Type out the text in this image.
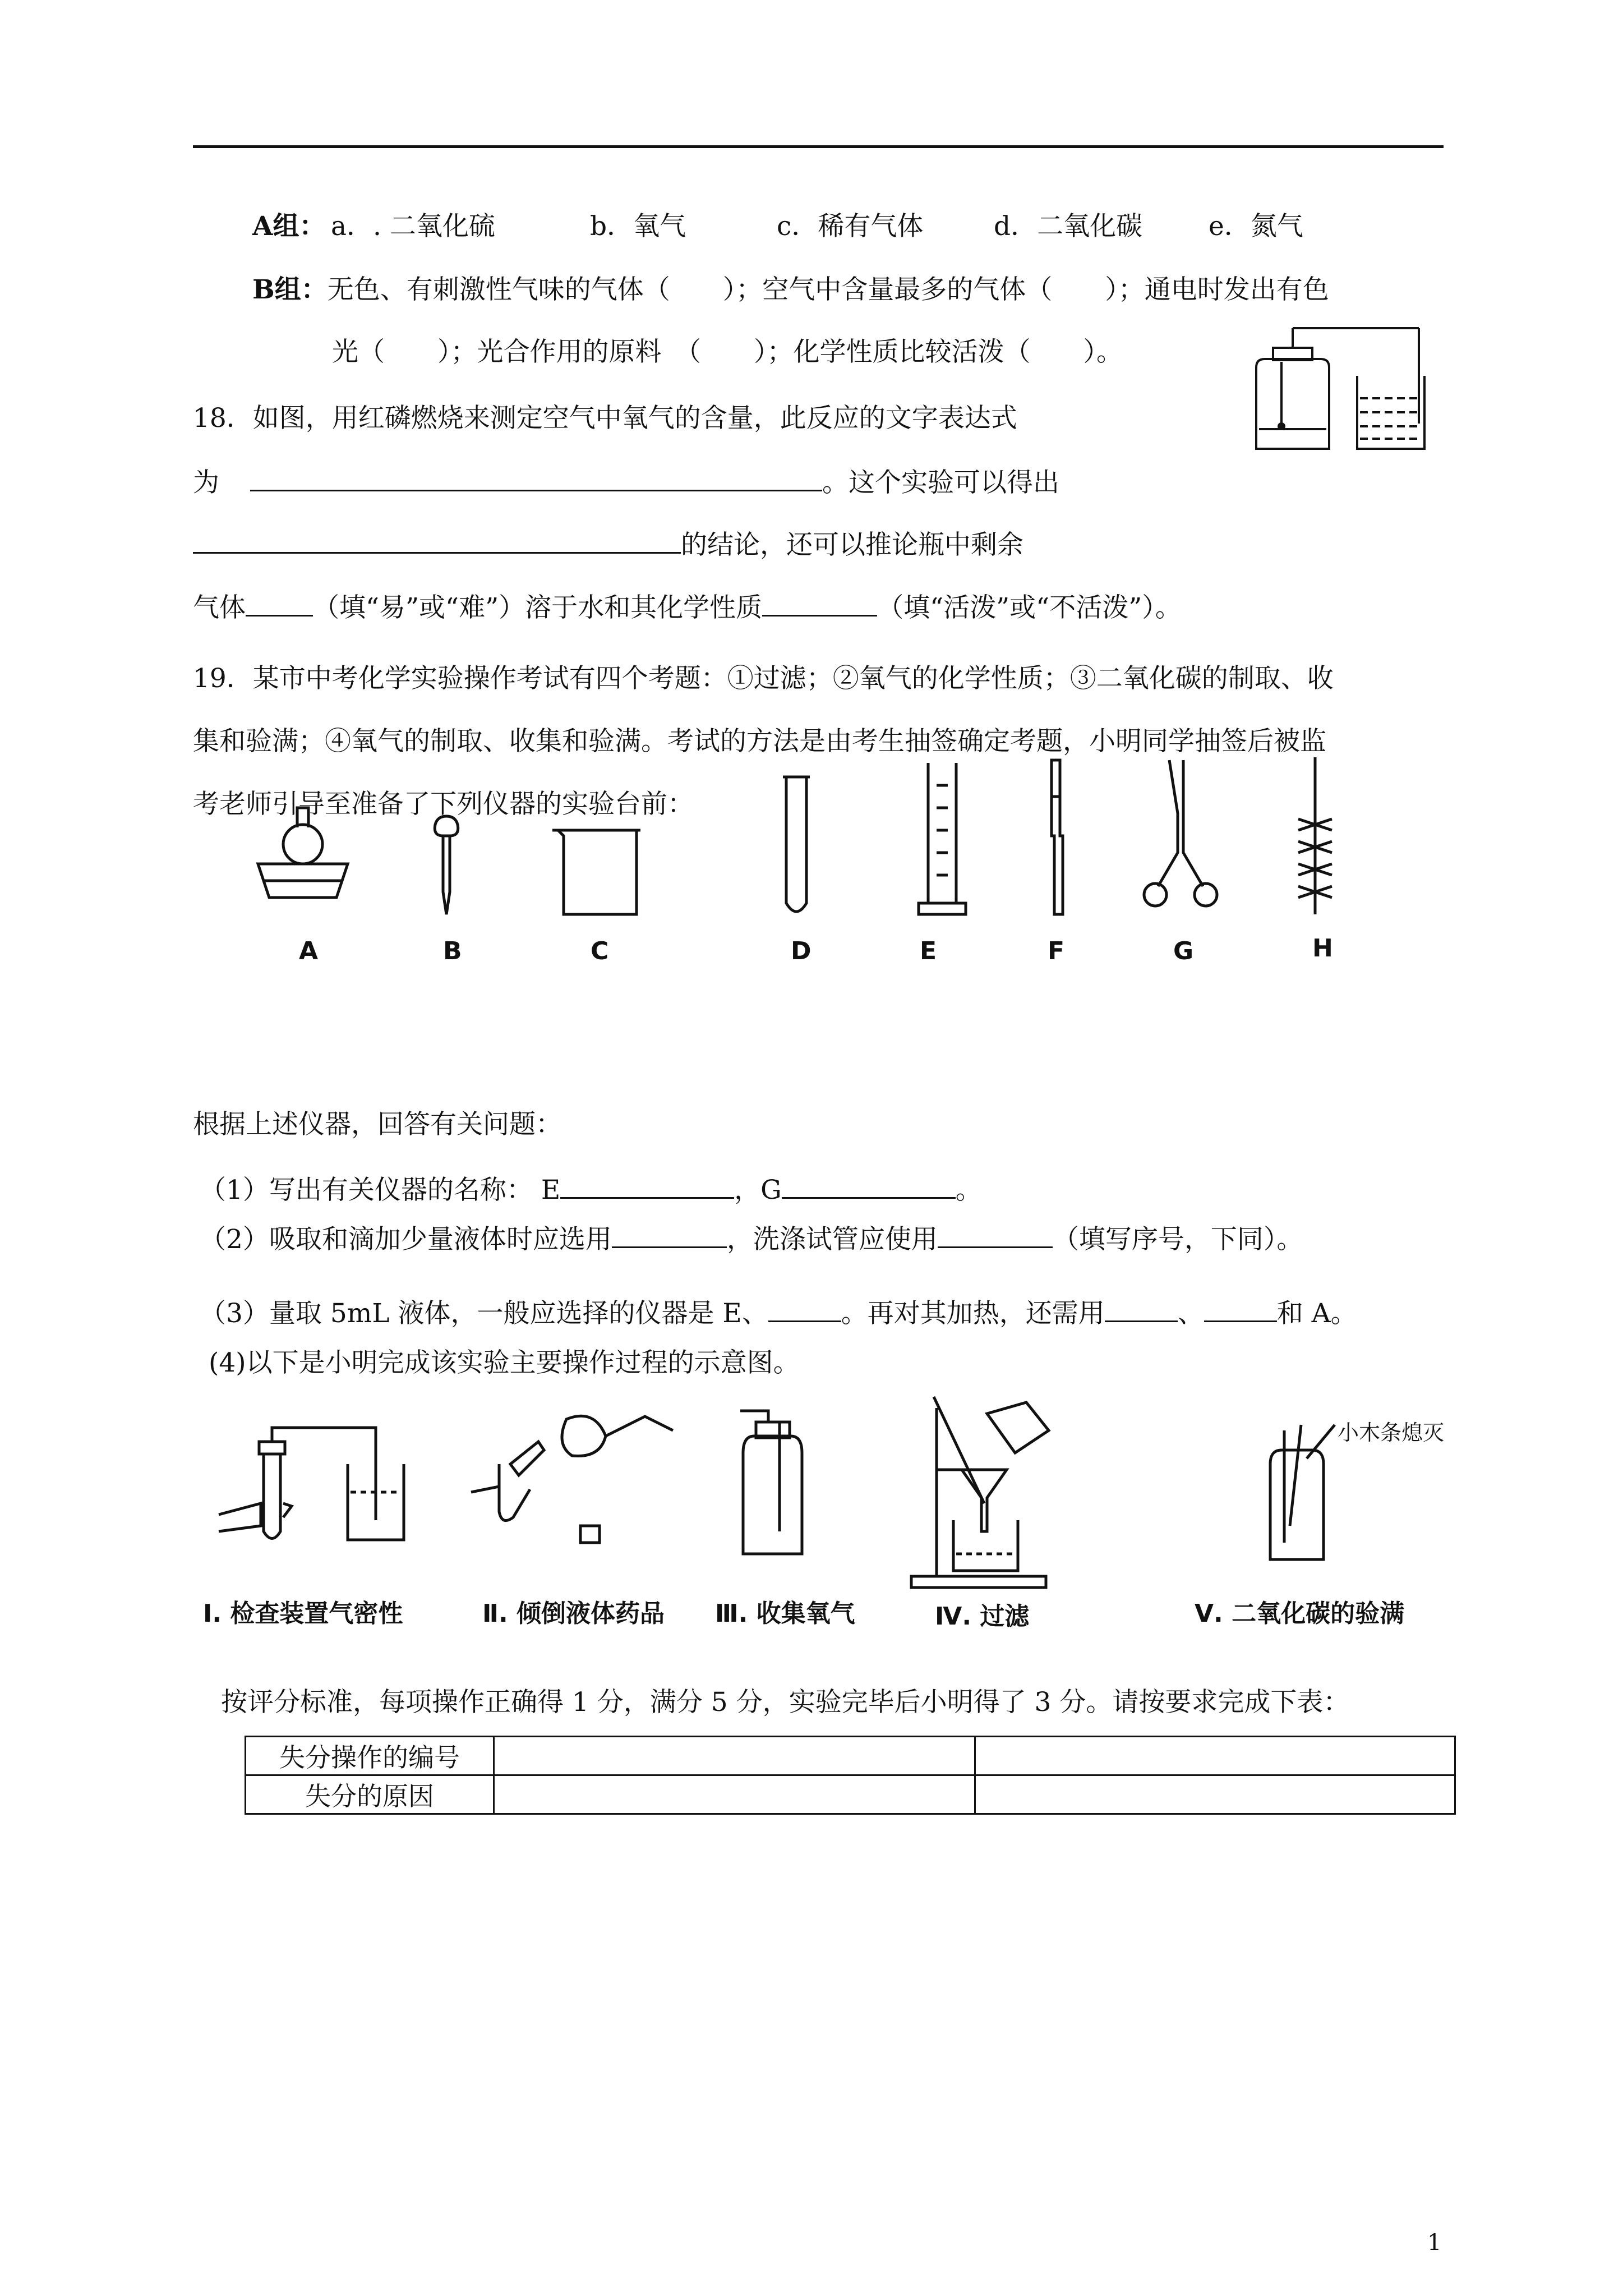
A组： a．. 二氧化硫	b．氧气	c．稀有气体	d．二氧化碳	e．氮气
B组：无色、有刺激性气味的气体（　　）；空气中含量最多的气体（　　）；通电时发出有色
光（　　）；光合作用的原料　（　　）；化学性质比较活泼（　　）。
18．如图，用红磷燃烧来测定空气中氧气的含量，此反应的文字表达式
为	。这个实验可以得出
的结论，还可以推论瓶中剩余
气体	（填“易”或“难”）溶于水和其化学性质	（填“活泼”或“不活泼”）。
19．某市中考化学实验操作考试有四个考题：①过滤；②氧气的化学性质；③二氧化碳的制取、收
集和验满；④氧气的制取、收集和验满。考试的方法是由考生抽签确定考题，小明同学抽签后被监
考老师引导至准备了下列仪器的实验台前：
A	B	C	D	E	F	G	H
根据上述仪器，回答有关问题：
（1）写出有关仪器的名称： E	，G	。
（2）吸取和滴加少量液体时应选用	，洗涤试管应使用	（填写序号，下同）。
（3）量取 5mL 液体，一般应选择的仪器是 E、	。再对其加热，还需用	、	和 A。
(4)以下是小明完成该实验主要操作过程的示意图。
小木条熄灭
Ⅰ. 检查装置气密性	Ⅱ. 倾倒液体药品 Ⅲ. 收集氧气	Ⅳ. 过滤	Ⅴ. 二氧化碳的验满
按评分标准，每项操作正确得 1 分，满分 5 分，实验完毕后小明得了 3 分。请按要求完成下表：
失分操作的编号		
失分的原因		
1
